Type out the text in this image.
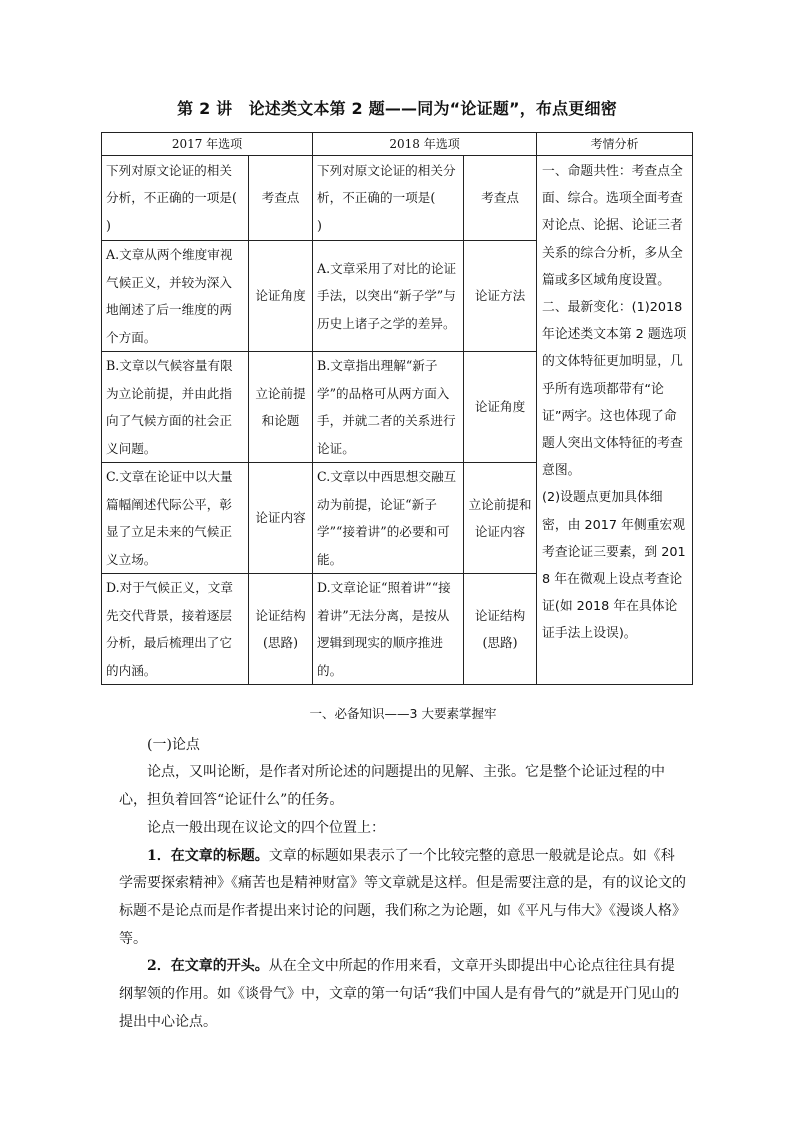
第 2 讲　论述类文本第 2 题——同为“论证题”，布点更细密
2017 年选项		2018 年选项		考情分析
下列对原文论证的相关分析，不正确的一项是(　　)	考查点	下列对原文论证的相关分析，不正确的一项是(　　)	考查点	一、命题共性：考查点全面、综合。选项全面考查对论点、论据、论证三者关系的综合分析，多从全篇或多区域角度设置。

二、最新变化：(1)2018 年论述类文本第 2 题选项的文体特征更加明显，几乎所有选项都带有“论证”两字。这也体现了命题人突出文体特征的考查意图。

(2)设题点更加具体细密，由 2017 年侧重宏观考查论证三要素，到 2018 年在微观上设点考查论证(如 2018 年在具体论证手法上设误)。

A.文章从两个维度审视气候正义，并较为深入地阐述了后一维度的两个方面。	论证角度	A.文章采用了对比的论证手法，以突出“新子学”与历史上诸子之学的差异。	论证方法	
B.文章以气候容量有限为立论前提，并由此指向了气候方面的社会正义问题。	立论前提和论题	B.文章指出理解“新子学”的品格可从两方面入手，并就二者的关系进行论证。	论证角度	
C.文章在论证中以大量篇幅阐述代际公平，彰显了立足未来的气候正义立场。	论证内容	C.文章以中西思想交融互动为前提，论证“新子学”“接着讲”的必要和可能。	立论前提和论证内容	
D.对于气候正义，文章先交代背景，接着逐层分析，最后梳理出了它的内涵。	论证结构(思路)	D.文章论证“照着讲”“接着讲”无法分离，是按从逻辑到现实的顺序推进的。	论证结构(思路)	

一、必备知识——3 大要素掌握牢

(一)论点

论点，又叫论断，是作者对所论述的问题提出的见解、主张。它是整个论证过程的中心，担负着回答“论证什么”的任务。

论点一般出现在议论文的四个位置上：

1．在文章的标题。文章的标题如果表示了一个比较完整的意思一般就是论点。如《科学需要探索精神》《痛苦也是精神财富》等文章就是这样。但是需要注意的是，有的议论文的标题不是论点而是作者提出来讨论的问题，我们称之为论题，如《平凡与伟大》《漫谈人格》等。

2．在文章的开头。从在全文中所起的作用来看，文章开头即提出中心论点往往具有提纲挈领的作用。如《谈骨气》中，文章的第一句话“我们中国人是有骨气的”就是开门见山的提出中心论点。
